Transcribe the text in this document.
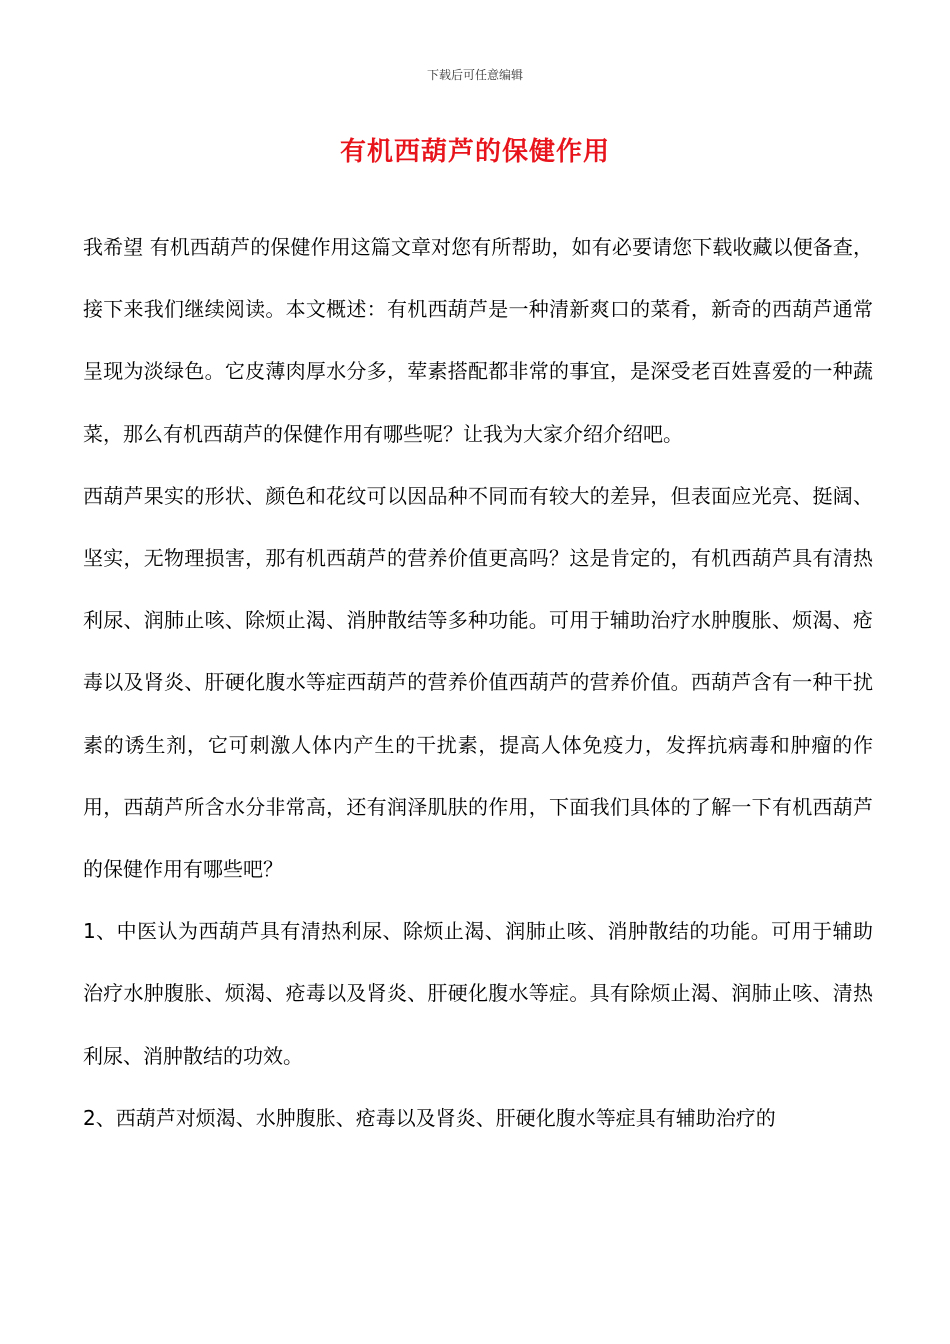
下载后可任意编辑
有机西葫芦的保健作用

我希望 有机西葫芦的保健作用这篇文章对您有所帮助，如有必要请您下载收藏以便备查，接下来我们继续阅读。本文概述：有机西葫芦是一种清新爽口的菜肴，新奇的西葫芦通常呈现为淡绿色。它皮薄肉厚水分多，荤素搭配都非常的事宜，是深受老百姓喜爱的一种蔬菜，那么有机西葫芦的保健作用有哪些呢？让我为大家介绍介绍吧。

西葫芦果实的形状、颜色和花纹可以因品种不同而有较大的差异，但表面应光亮、挺阔、坚实，无物理损害，那有机西葫芦的营养价值更高吗？这是肯定的，有机西葫芦具有清热利尿、润肺止咳、除烦止渴、消肿散结等多种功能。可用于辅助治疗水肿腹胀、烦渴、疮毒以及肾炎、肝硬化腹水等症西葫芦的营养价值西葫芦的营养价值。西葫芦含有一种干扰素的诱生剂，它可刺激人体内产生的干扰素，提高人体免疫力，发挥抗病毒和肿瘤的作用，西葫芦所含水分非常高，还有润泽肌肤的作用，下面我们具体的了解一下有机西葫芦的保健作用有哪些吧？

1、中医认为西葫芦具有清热利尿、除烦止渴、润肺止咳、消肿散结的功能。可用于辅助治疗水肿腹胀、烦渴、疮毒以及肾炎、肝硬化腹水等症。具有除烦止渴、润肺止咳、清热利尿、消肿散结的功效。

2、西葫芦对烦渴、水肿腹胀、疮毒以及肾炎、肝硬化腹水等症具有辅助治疗的
